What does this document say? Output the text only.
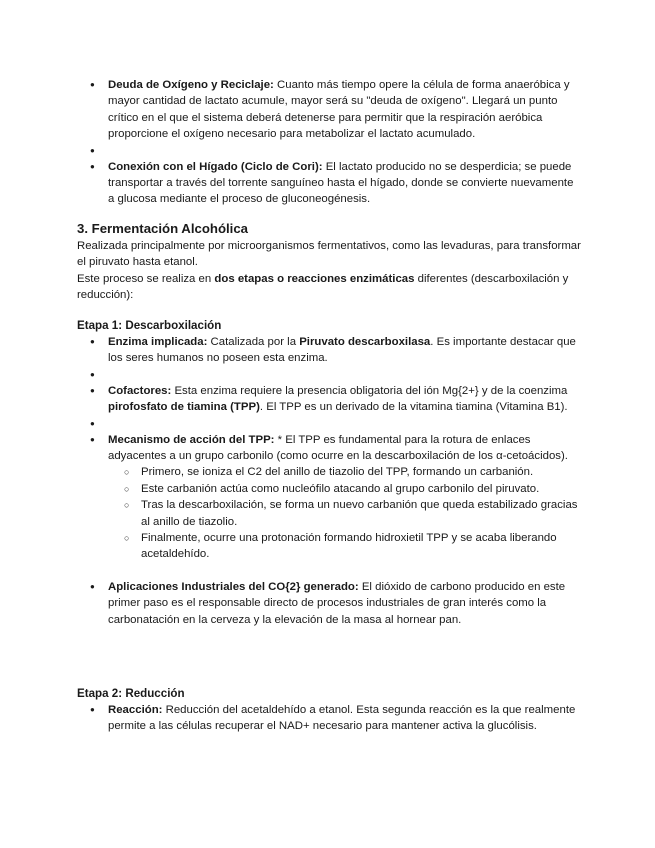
● Deuda de Oxígeno y Reciclaje: Cuanto más tiempo opere la célula de forma anaeróbica y mayor cantidad de lactato acumule, mayor será su "deuda de oxígeno". Llegará un punto crítico en el que el sistema deberá detenerse para permitir que la respiración aeróbica proporcione el oxígeno necesario para metabolizar el lactato acumulado.
●
● Conexión con el Hígado (Ciclo de Cori): El lactato producido no se desperdicia; se puede transportar a través del torrente sanguíneo hasta el hígado, donde se convierte nuevamente a glucosa mediante el proceso de gluconeogénesis.
3. Fermentación Alcohólica
Realizada principalmente por microorganismos fermentativos, como las levaduras, para transformar el piruvato hasta etanol.
Este proceso se realiza en dos etapas o reacciones enzimáticas diferentes (descarboxilación y reducción):
Etapa 1: Descarboxilación
● Enzima implicada: Catalizada por la Piruvato descarboxilasa. Es importante destacar que los seres humanos no poseen esta enzima.
●
● Cofactores: Esta enzima requiere la presencia obligatoria del ión Mg{2+} y de la coenzima pirofosfato de tiamina (TPP). El TPP es un derivado de la vitamina tiamina (Vitamina B1).
●
● Mecanismo de acción del TPP: * El TPP es fundamental para la rotura de enlaces adyacentes a un grupo carbonilo (como ocurre en la descarboxilación de los α-cetoácidos).
○ Primero, se ioniza el C2 del anillo de tiazolio del TPP, formando un carbanión.
○ Este carbanión actúa como nucleófilo atacando al grupo carbonilo del piruvato.
○ Tras la descarboxilación, se forma un nuevo carbanión que queda estabilizado gracias al anillo de tiazolio.
○ Finalmente, ocurre una protonación formando hidroxietil TPP y se acaba liberando acetaldehído.
● Aplicaciones Industriales del CO{2} generado: El dióxido de carbono producido en este primer paso es el responsable directo de procesos industriales de gran interés como la carbonatación en la cerveza y la elevación de la masa al hornear pan.
Etapa 2: Reducción
● Reacción: Reducción del acetaldehído a etanol. Esta segunda reacción es la que realmente permite a las células recuperar el NAD+ necesario para mantener activa la glucólisis.
